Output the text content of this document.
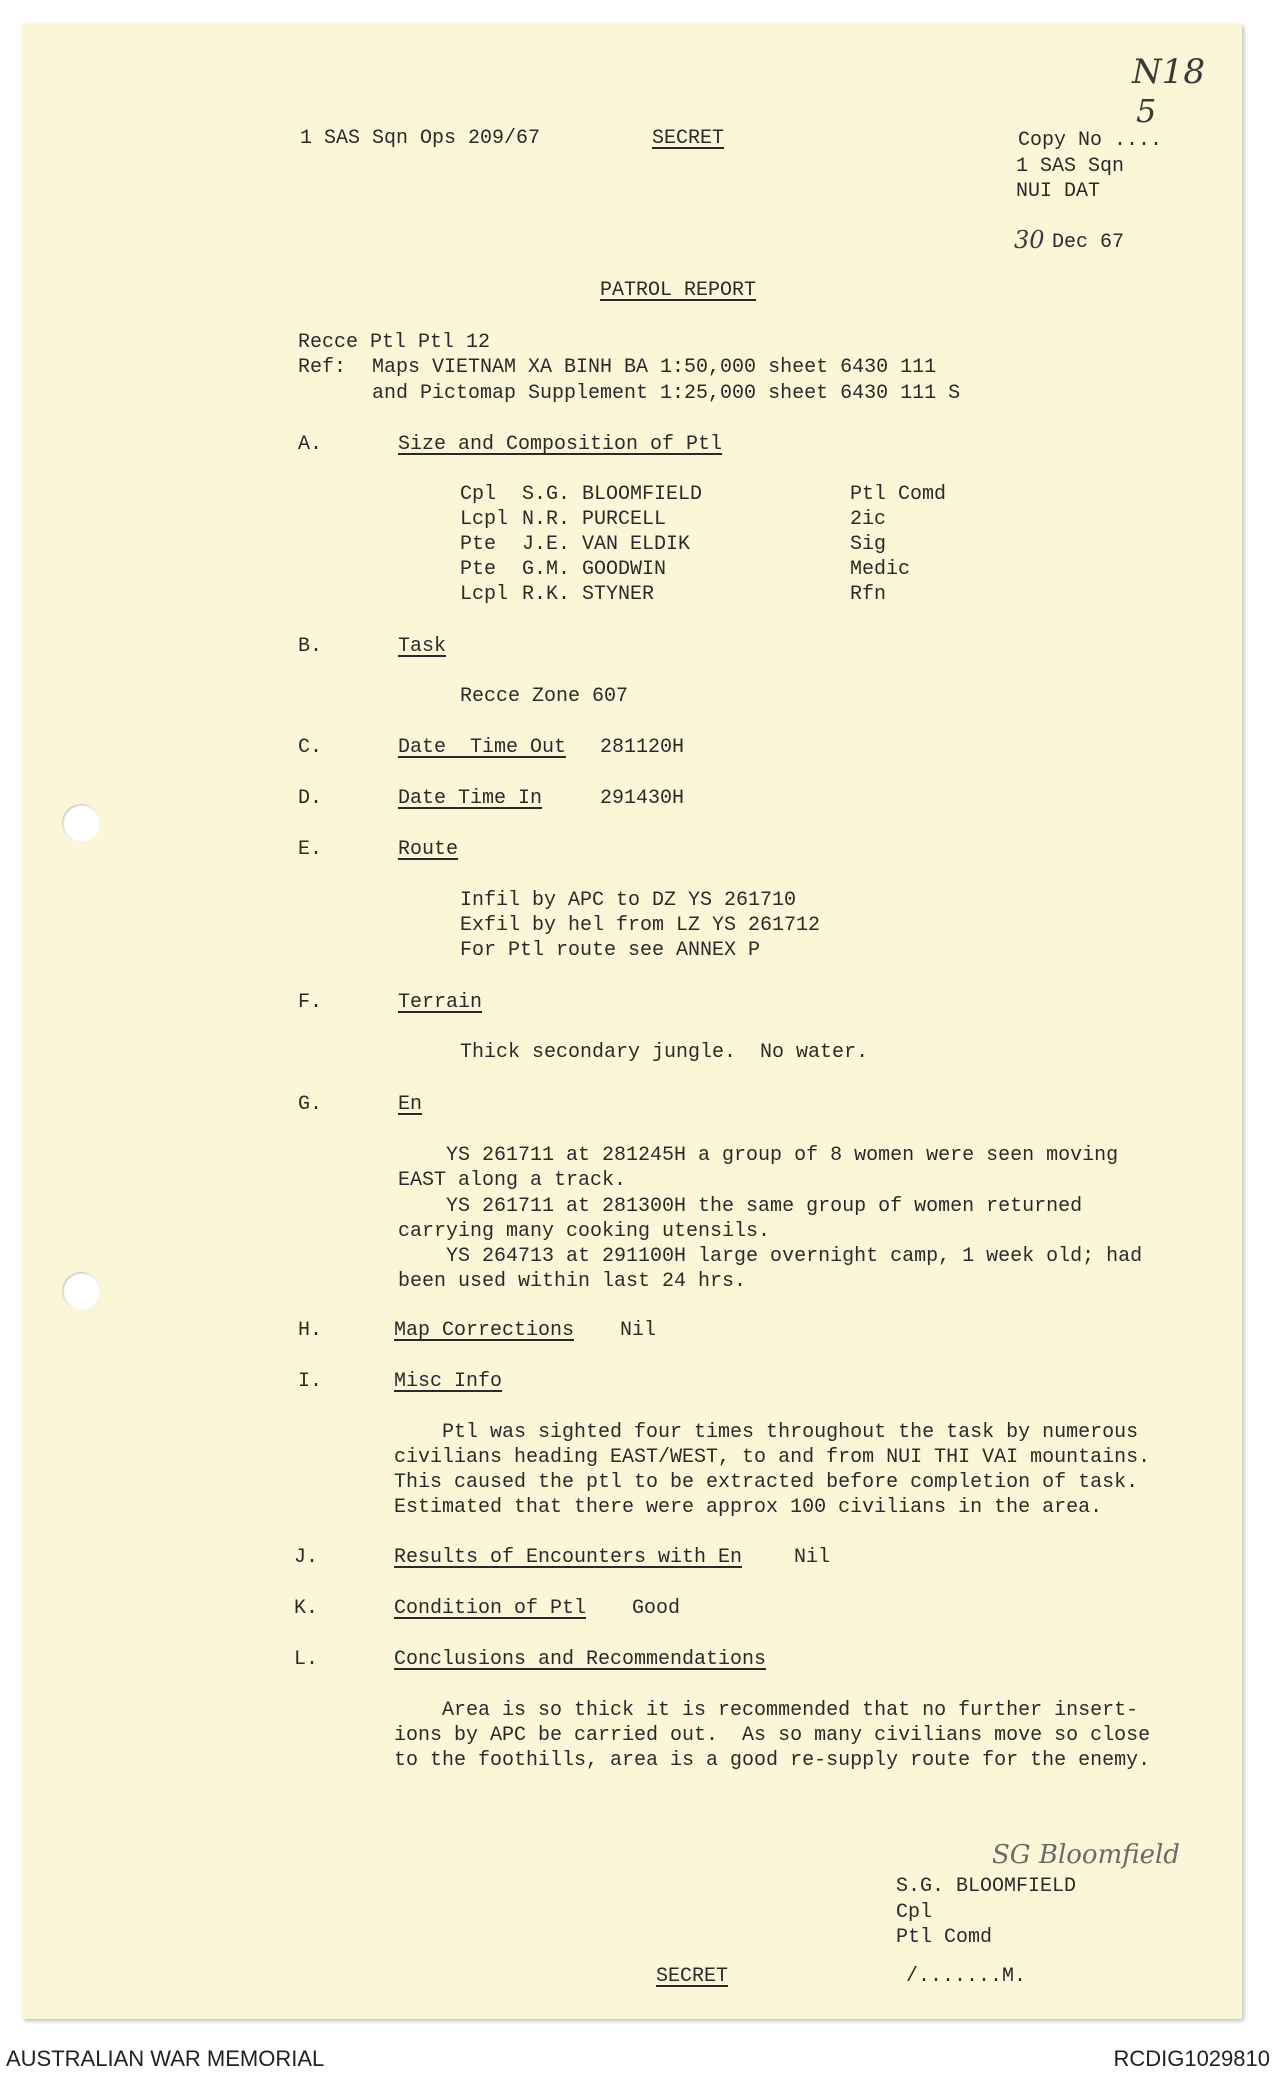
N18
1 SAS Sqn Ops 209/67	SECRET	Copy No ....
5
1 SAS Sqn
NUI DAT
30 Dec 67
PATROL REPORT
Recce Ptl Ptl 12
Ref: Maps VIETNAM XA BINH BA 1:50,000 sheet 6430 111
and Pictomap Supplement 1:25,000 sheet 6430 111 S
A.	Size and Composition of Ptl
Cpl S.G. BLOOMFIELD	Ptl Comd
Lcpl N.R. PURCELL	2ic
Pte J.E. VAN ELDIK	Sig
Pte G.M. GOODWIN	Medic
Lcpl R.K. STYNER	Rfn
B.	Task
Recce Zone 607
C.	Date  Time Out 281120H
D.	Date Time In	291430H
E.	Route
Infil by APC to DZ YS 261710
Exfil by hel from LZ YS 261712
For Ptl route see ANNEX P
F.	Terrain
Thick secondary jungle.  No water.
G.	En
YS 261711 at 281245H a group of 8 women were seen moving
EAST along a track.
YS 261711 at 281300H the same group of women returned
carrying many cooking utensils.
YS 264713 at 291100H large overnight camp, 1 week old; had
been used within last 24 hrs.
H.	Map Corrections Nil
I.	Misc Info
Ptl was sighted four times throughout the task by numerous
civilians heading EAST/WEST, to and from NUI THI VAI mountains.
This caused the ptl to be extracted before completion of task.
Estimated that there were approx 100 civilians in the area.
J.	Results of Encounters with En	Nil
K.	Condition of Ptl Good
L.	Conclusions and Recommendations
Area is so thick it is recommended that no further insert-
ions by APC be carried out.  As so many civilians move so close
to the foothills, area is a good re-supply route for the enemy.
SG Bloomfield
S.G. BLOOMFIELD
Cpl
Ptl Comd
SECRET	/.......M.
AUSTRALIAN WAR MEMORIAL	RCDIG1029810
